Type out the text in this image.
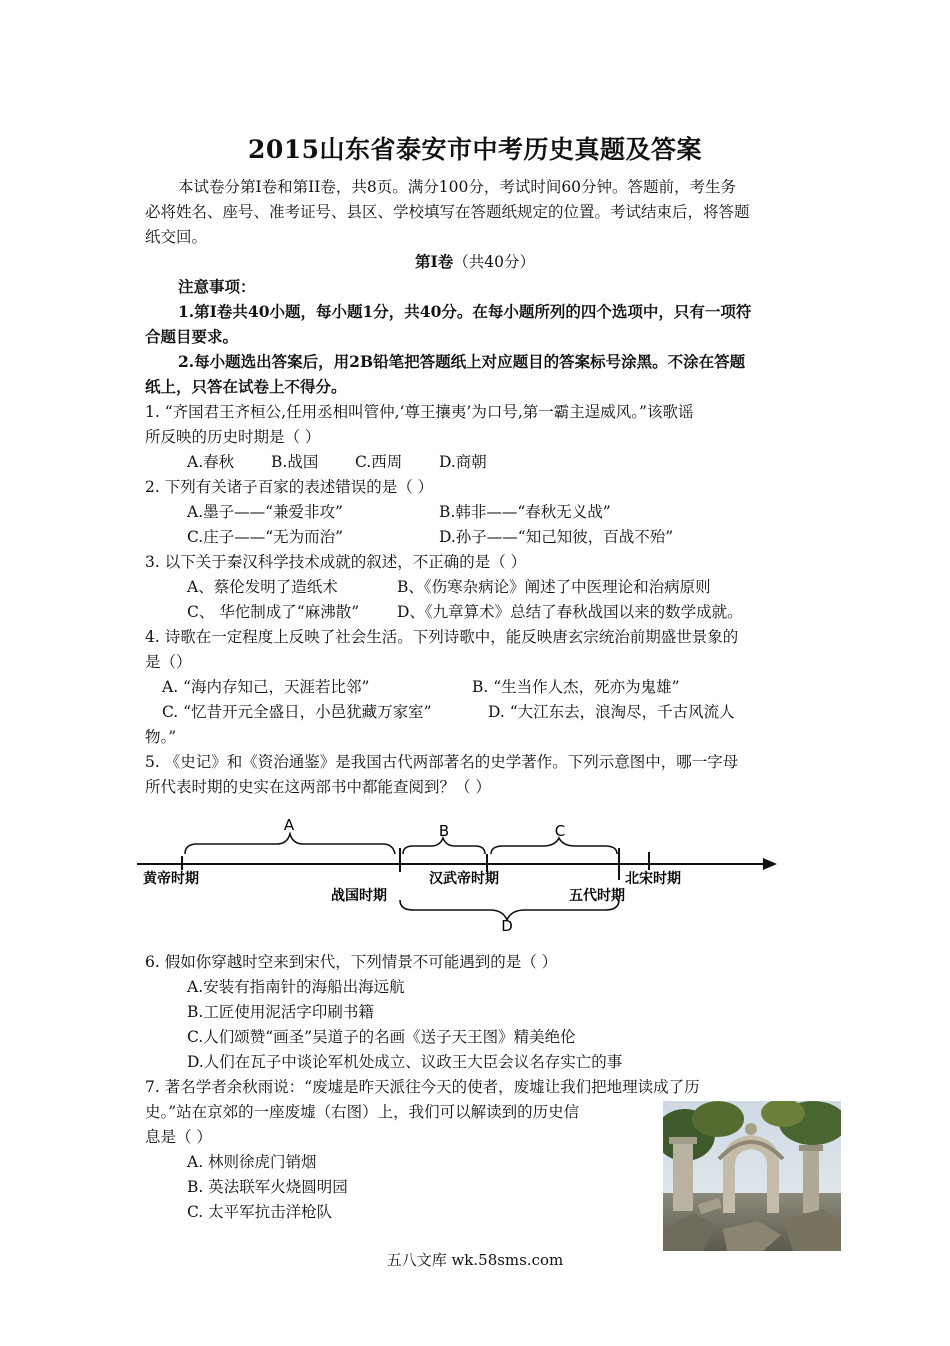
2015山东省泰安市中考历史真题及答案
本试卷分第I卷和第II卷，共8页。满分100分，考试时间60分钟。答题前，考生务
必将姓名、座号、准考证号、县区、学校填写在答题纸规定的位置。考试结束后，将答题
纸交回。
第I卷（共40分）
注意事项：
1.第I卷共40小题，每小题1分，共40分。在每小题所列的四个选项中，只有一项符
合题目要求。
2.每小题选出答案后，用2B铅笔把答题纸上对应题目的答案标号涂黑。不涂在答题
纸上，只答在试卷上不得分。
1. “齐国君王齐桓公,任用丞相叫管仲,‘尊王攘夷’为口号,第一霸主逞威风。”该歌谣
所反映的历史时期是（ ）
A.春秋 B.战国 C.西周 D.商朝
2. 下列有关诸子百家的表述错误的是（ ）
A.墨子——“兼爱非攻”	B.韩非——“春秋无义战”
C.庄子——“无为而治”	D.孙子——“知己知彼，百战不殆”
3. 以下关于秦汉科学技术成就的叙述，不正确的是（ ）
A、蔡伦发明了造纸术	B、《伤寒杂病论》阐述了中医理论和治病原则
C、 华佗制成了“麻沸散” D、《九章算术》总结了春秋战国以来的数学成就。
4. 诗歌在一定程度上反映了社会生活。下列诗歌中，能反映唐玄宗统治前期盛世景象的
是（）
A. “海内存知己，天涯若比邻”	B. “生当作人杰，死亦为鬼雄”
C. “忆昔开元全盛日，小邑犹藏万家室”	D. “大江东去，浪淘尽，千古风流人
物。”
5. 《史记》和《资治通鉴》是我国古代两部著名的史学著作。下列示意图中，哪一字母
所代表时期的史实在这两部书中都能查阅到？（ ）
A	B	C
D
黄帝时期
战国时期
汉武帝时期
五代时期
北宋时期
6. 假如你穿越时空来到宋代，下列情景不可能遇到的是（ ）
A.安装有指南针的海船出海远航
B.工匠使用泥活字印刷书籍
C.人们颂赞“画圣”吴道子的名画《送子天王图》精美绝伦
D.人们在瓦子中谈论军机处成立、议政王大臣会议名存实亡的事
7. 著名学者余秋雨说：“废墟是昨天派往今天的使者，废墟让我们把地理读成了历
史。”站在京郊的一座废墟（右图）上，我们可以解读到的历史信
息是（ ）
A. 林则徐虎门销烟
B. 英法联军火烧圆明园
C. 太平军抗击洋枪队
五八文库 wk.58sms.com
